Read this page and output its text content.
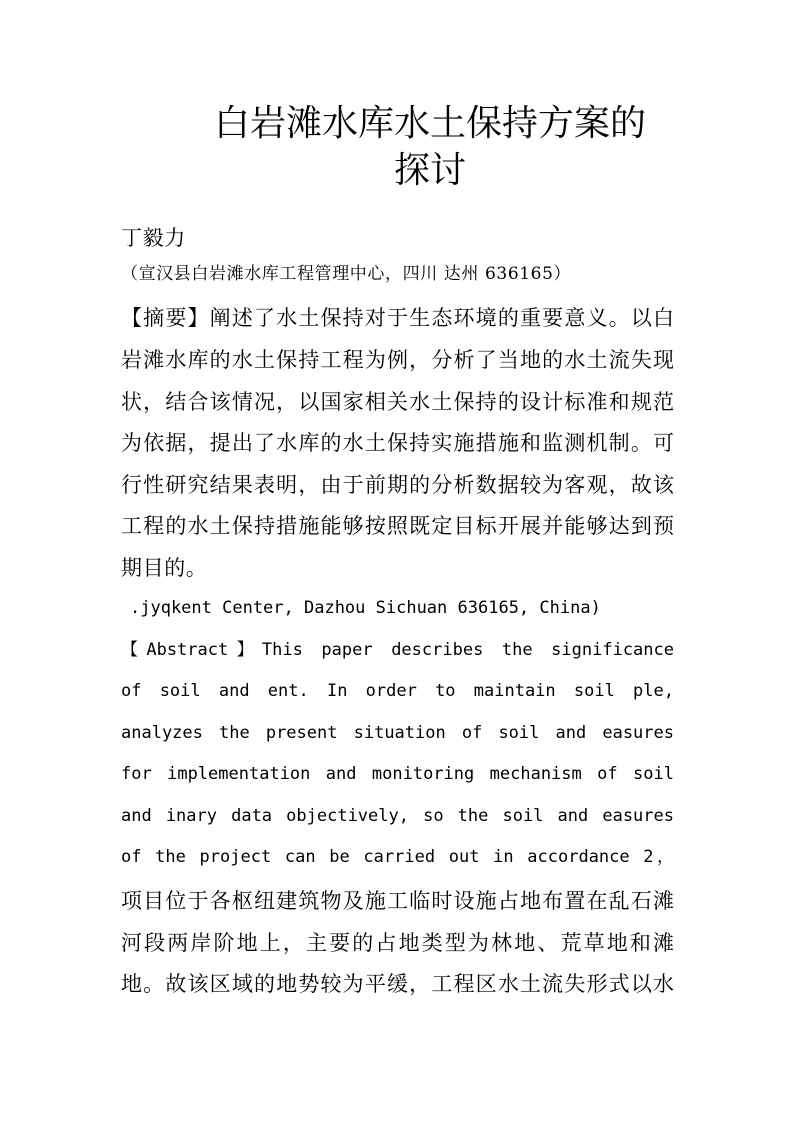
白岩滩水库水土保持方案的
探讨
丁毅力
（宣汉县白岩滩水库工程管理中心，四川 达州 636165）
【摘要】阐述了水土保持对于生态环境的重要意义。以白
岩滩水库的水土保持工程为例，分析了当地的水土流失现
状，结合该情况，以国家相关水土保持的设计标准和规范
为依据，提出了水库的水土保持实施措施和监测机制。可
行性研究结果表明，由于前期的分析数据较为客观，故该
工程的水土保持措施能够按照既定目标开展并能够达到预
期目的。
.jyqkent Center, Dazhou Sichuan 636165, China)
【Abstract】This paper describes the significance
of soil and ent. In order to maintain soil ple,
analyzes the present situation of soil and easures
for implementation and monitoring mechanism of soil
and inary data objectively, so the soil and easures
of the project can be carried out in accordance 2，
项目位于各枢纽建筑物及施工临时设施占地布置在乱石滩
河段两岸阶地上，主要的占地类型为林地、荒草地和滩
地。故该区域的地势较为平缓，工程区水土流失形式以水
